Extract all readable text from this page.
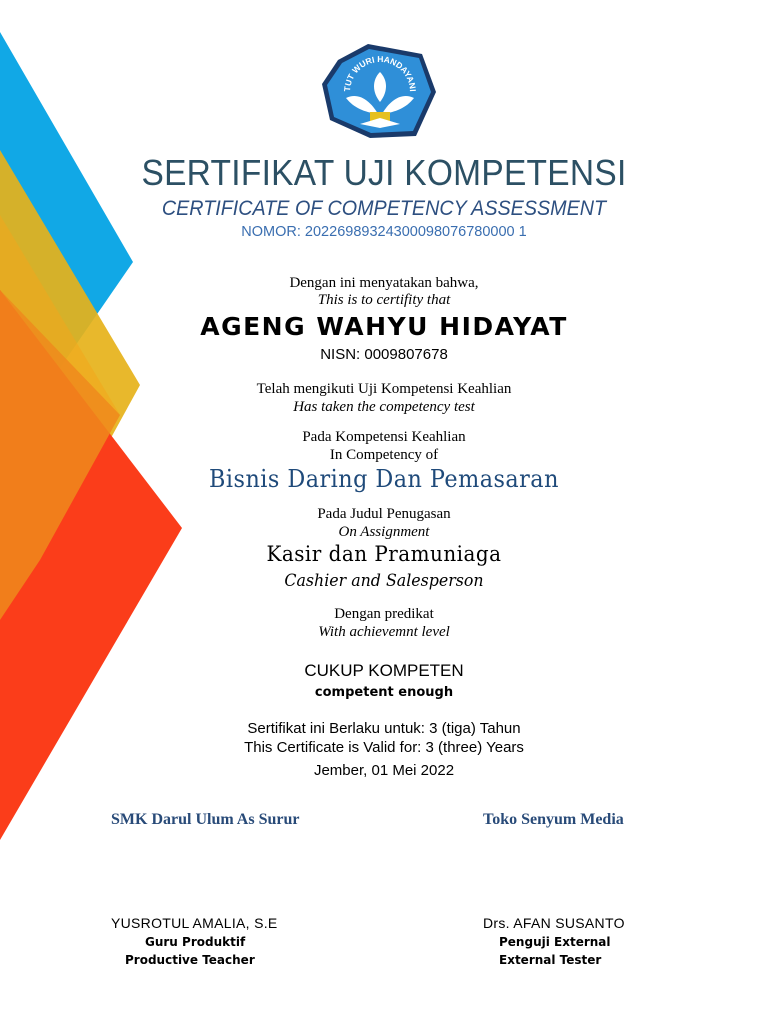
TUT WURI HANDAYANI
SERTIFIKAT UJI KOMPETENSI
CERTIFICATE OF COMPETENCY ASSESSMENT
NOMOR: 20226989324300098076780000 1
Dengan ini menyatakan bahwa,
This is to certifity that
AGENG WAHYU HIDAYAT
NISN: 0009807678
Telah mengikuti Uji Kompetensi Keahlian
Has taken the competency test
Pada Kompetensi Keahlian
In Competency of
Bisnis Daring Dan Pemasaran
Pada Judul Penugasan
On Assignment
Kasir dan Pramuniaga
Cashier and Salesperson
Dengan predikat
With achievemnt level
CUKUP KOMPETEN
competent enough
Sertifikat ini Berlaku untuk: 3 (tiga) Tahun
This Certificate is Valid for: 3 (three) Years
Jember, 01 Mei 2022
SMK Darul Ulum As Surur
YUSROTUL AMALIA, S.E
Guru Produktif
Productive Teacher
Toko Senyum Media
Drs. AFAN SUSANTO
Penguji External
External Tester
